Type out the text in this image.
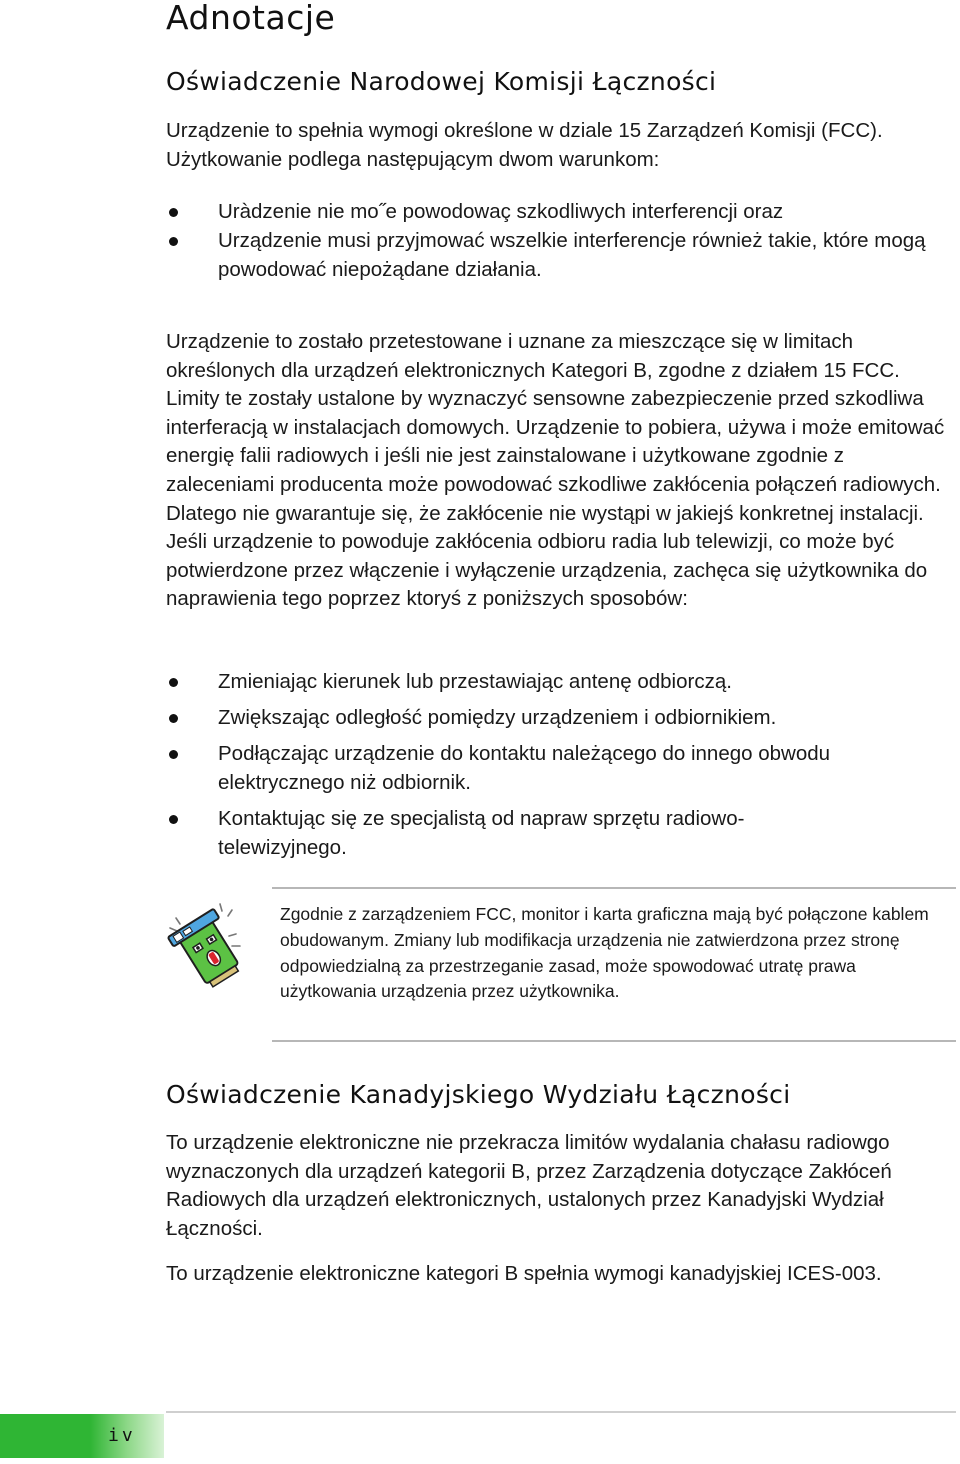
Adnotacje
Oświadczenie Narodowej Komisji Łączności

Urządzenie to spełnia wymogi określone w dziale 15 Zarządzeń Komisji (FCC). Użytkowanie podlega następującym dwom warunkom:

Uràdzenie nie mo˝e powodowaç szkodliwych interferencji oraz
Urządzenie musi przyjmować wszelkie interferencje również takie, które mogą powodować niepożądane działania.

Urządzenie to zostało przetestowane i uznane za mieszczące się w limitach określonych dla urządzeń elektronicznych Kategori B, zgodne z działem 15 FCC. Limity te zostały ustalone by wyznaczyć sensowne zabezpieczenie przed szkodliwa interferacją w instalacjach domowych. Urządzenie to pobiera, używa i może emitować energię falii radiowych i jeśli nie jest zainstalowane i użytkowane zgodnie z zaleceniami producenta może powodować szkodliwe zakłócenia połączeń radiowych. Dlatego nie gwarantuje się, że zakłócenie nie wystąpi w jakiejś konkretnej instalacji. Jeśli urządzenie to powoduje zakłócenia odbioru radia lub telewizji, co może być potwierdzone przez włączenie i wyłączenie urządzenia, zachęca się użytkownika do naprawienia tego poprzez ktoryś z poniższych sposobów:

Zmieniając kierunek lub przestawiając antenę odbiorczą.
Zwiększając odległość pomiędzy urządzeniem i odbiornikiem.
Podłączając urządzenie do kontaktu należącego do innego obwodu elektrycznego niż odbiornik.
Kontaktując się ze specjalistą od napraw sprzętu radiowo-telewizyjnego.

Zgodnie z zarządzeniem FCC, monitor i karta graficzna mają być połączone kablem obudowanym. Zmiany lub modifikacja urządzenia nie zatwierdzona przez stronę odpowiedzialną za przestrzeganie zasad, może spowodować utratę prawa użytkowania urządzenia przez użytkownika.

Oświadczenie Kanadyjskiego Wydziału Łączności

To urządzenie elektroniczne nie przekracza limitów wydalania chałasu radiowgo wyznaczonych dla urządzeń kategorii B, przez Zarządzenia dotyczące Zakłóceń Radiowych dla urządzeń elektronicznych, ustalonych przez Kanadyjski Wydział Łączności.

To urządzenie elektroniczne kategori B spełnia wymogi kanadyjskiej ICES-003.

iv
